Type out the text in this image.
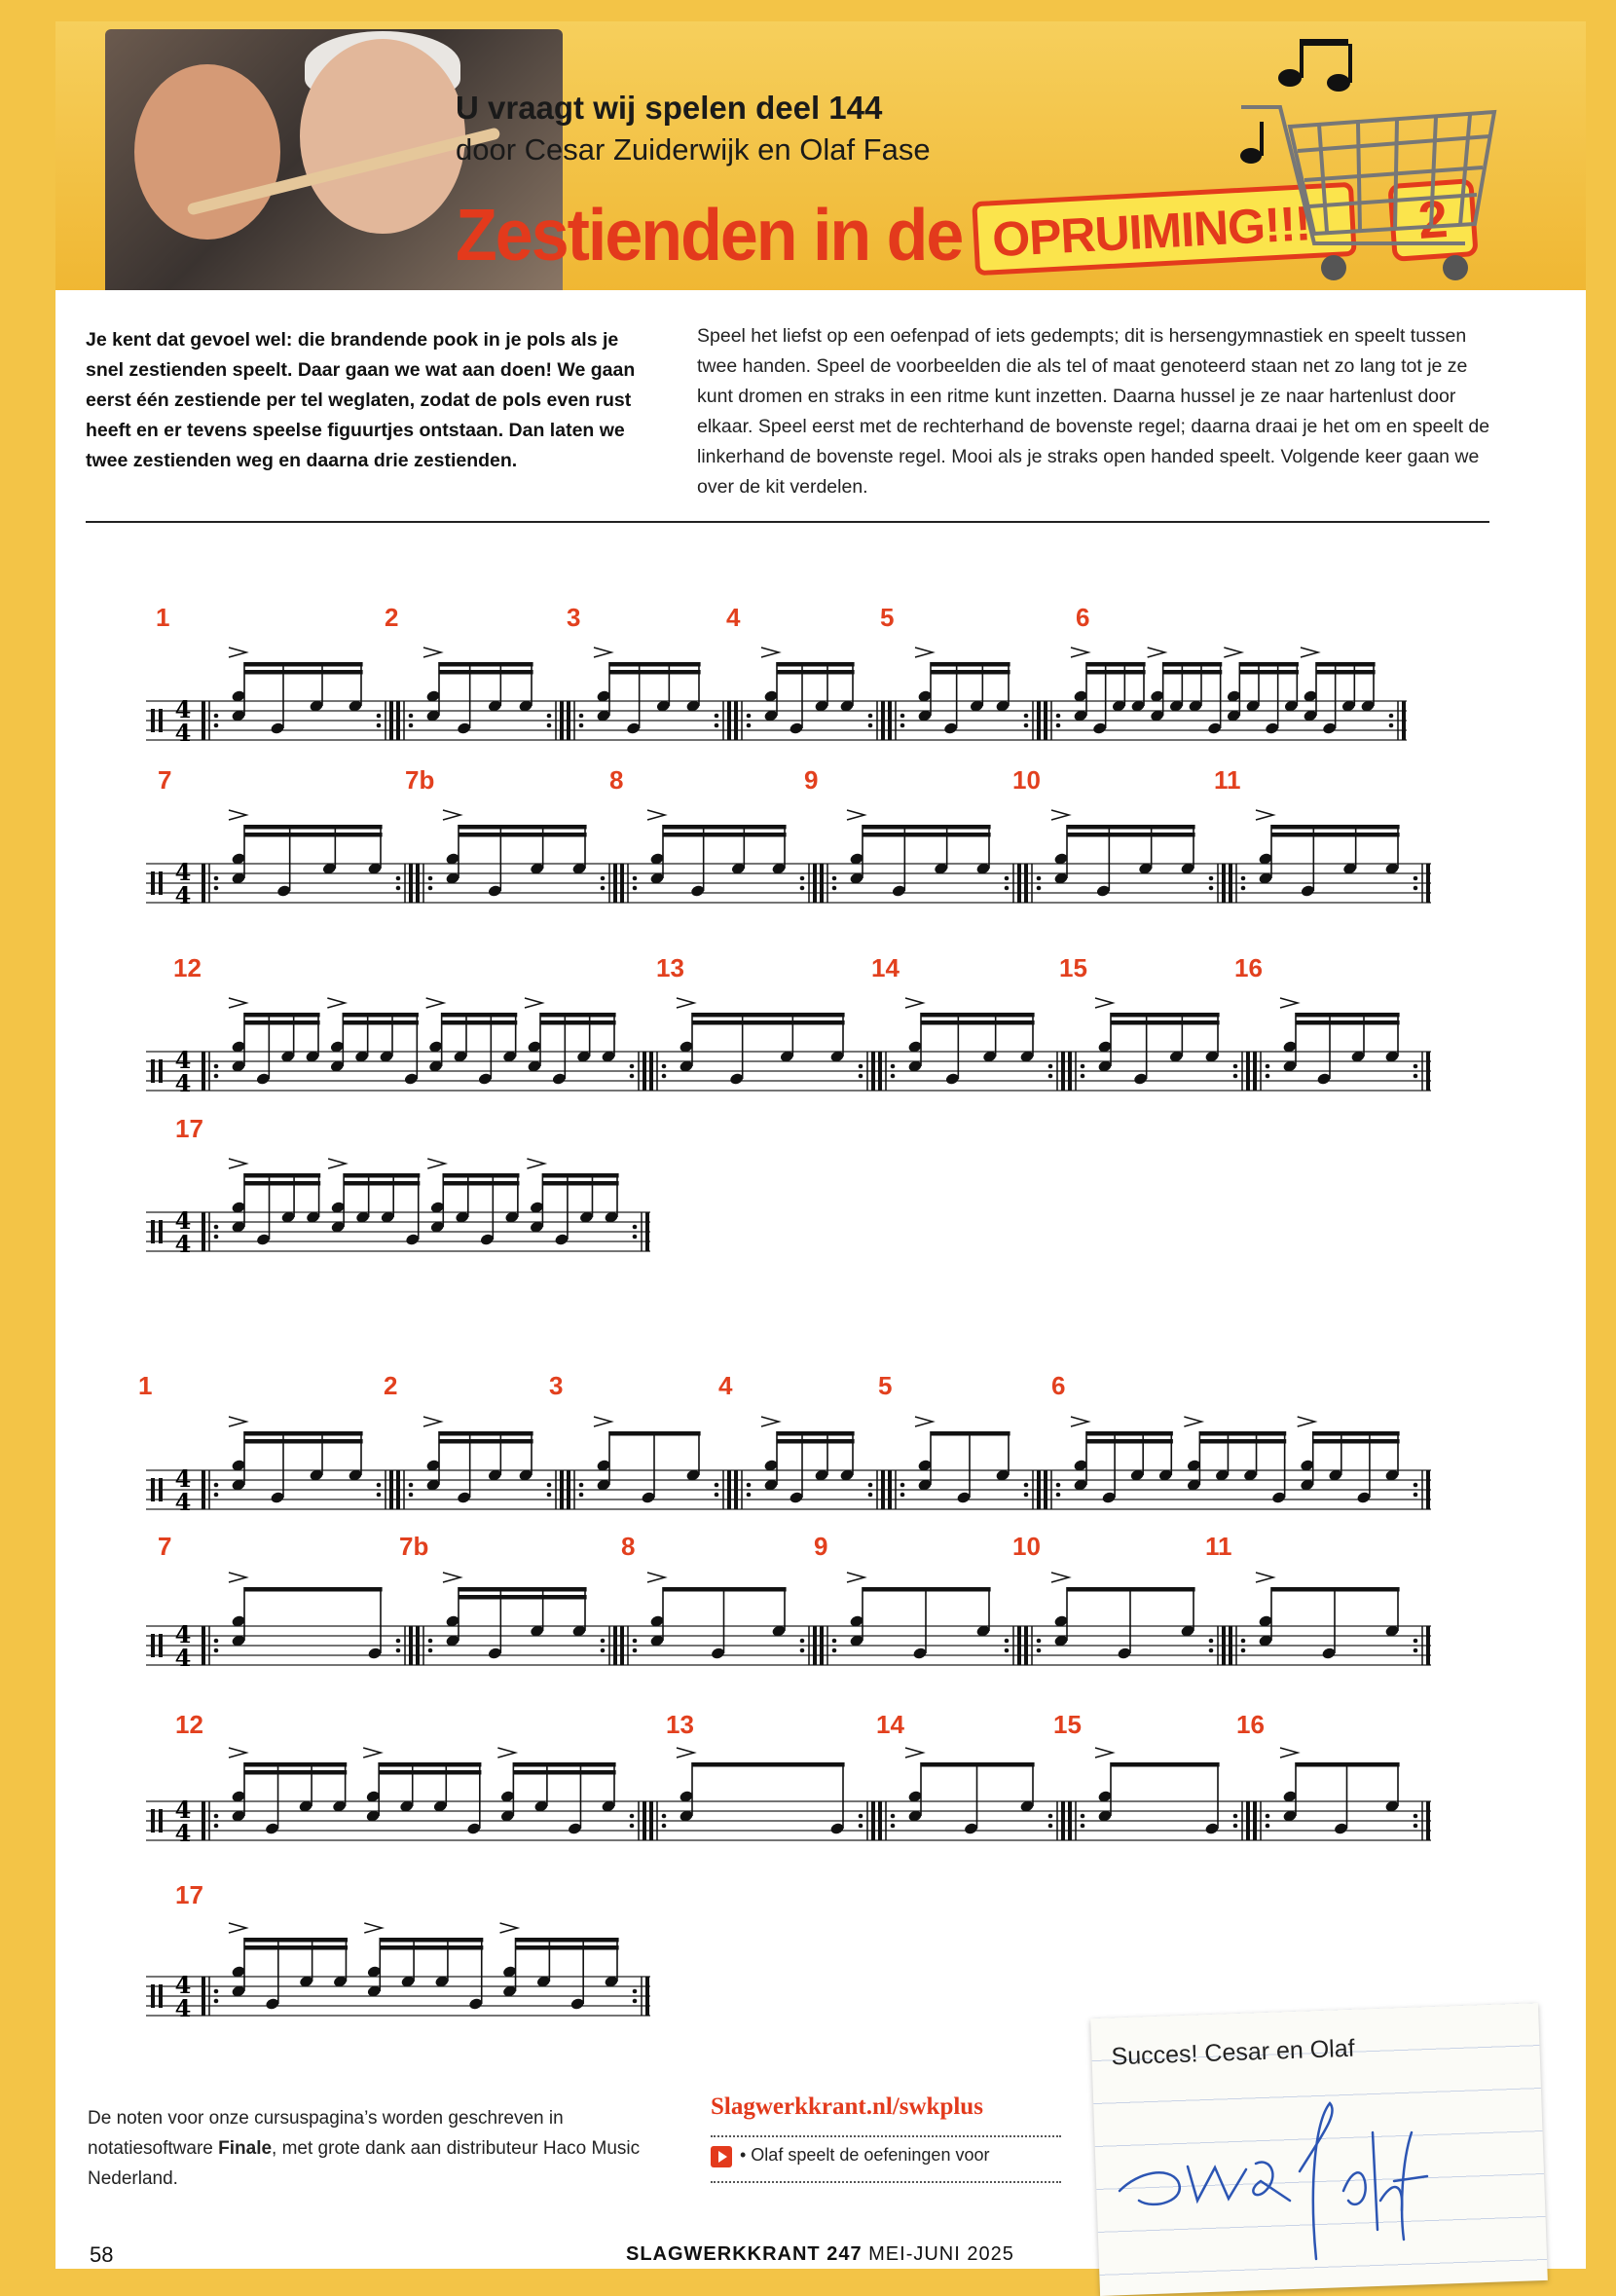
U vraagt wij spelen deel 144
door Cesar Zuiderwijk en Olaf Fase
Zestienden in de OPRUIMING!!!	2
Je kent dat gevoel wel: die brandende pook in je pols als je snel zestienden speelt. Daar gaan we wat aan doen! We gaan eerst één zestiende per tel weglaten, zodat de pols even rust heeft en er tevens speelse figuurtjes ontstaan. Dan laten we twee zestienden weg en daarna drie zestienden.
Speel het liefst op een oefenpad of iets gedempts; dit is hersengymnastiek en speelt tussen twee handen. Speel de voorbeelden die als tel of maat genoteerd staan net zo lang tot je ze kunt dromen en straks in een ritme kunt inzetten. Daarna hussel je ze naar hartenlust door elkaar. Speel eerst met de rechterhand de bovenste regel; daarna draai je het om en speelt de linkerhand de bovenste regel. Mooi als je straks open handed speelt. Volgende keer gaan we over de kit verdelen.
4
4
1	2	3	4	5	6
4
4
7	7b	8	9	10	11
4
4
12	13	14	15	16
4
4
17
4
4
1	2	3	4	5	6
4
4
7	7b	8	9	10	11
4
4
12	13	14	15	16
4
4
17
De noten voor onze cursuspagina’s worden geschreven in notatiesoftware Finale, met grote dank aan distributeur Haco Music Nederland.
Slagwerkkrant.nl/swkplus
• Olaf speelt de oefeningen voor
Succes! Cesar en Olaf
58	SLAGWERKKRANT 247 MEI-JUNI 2025
